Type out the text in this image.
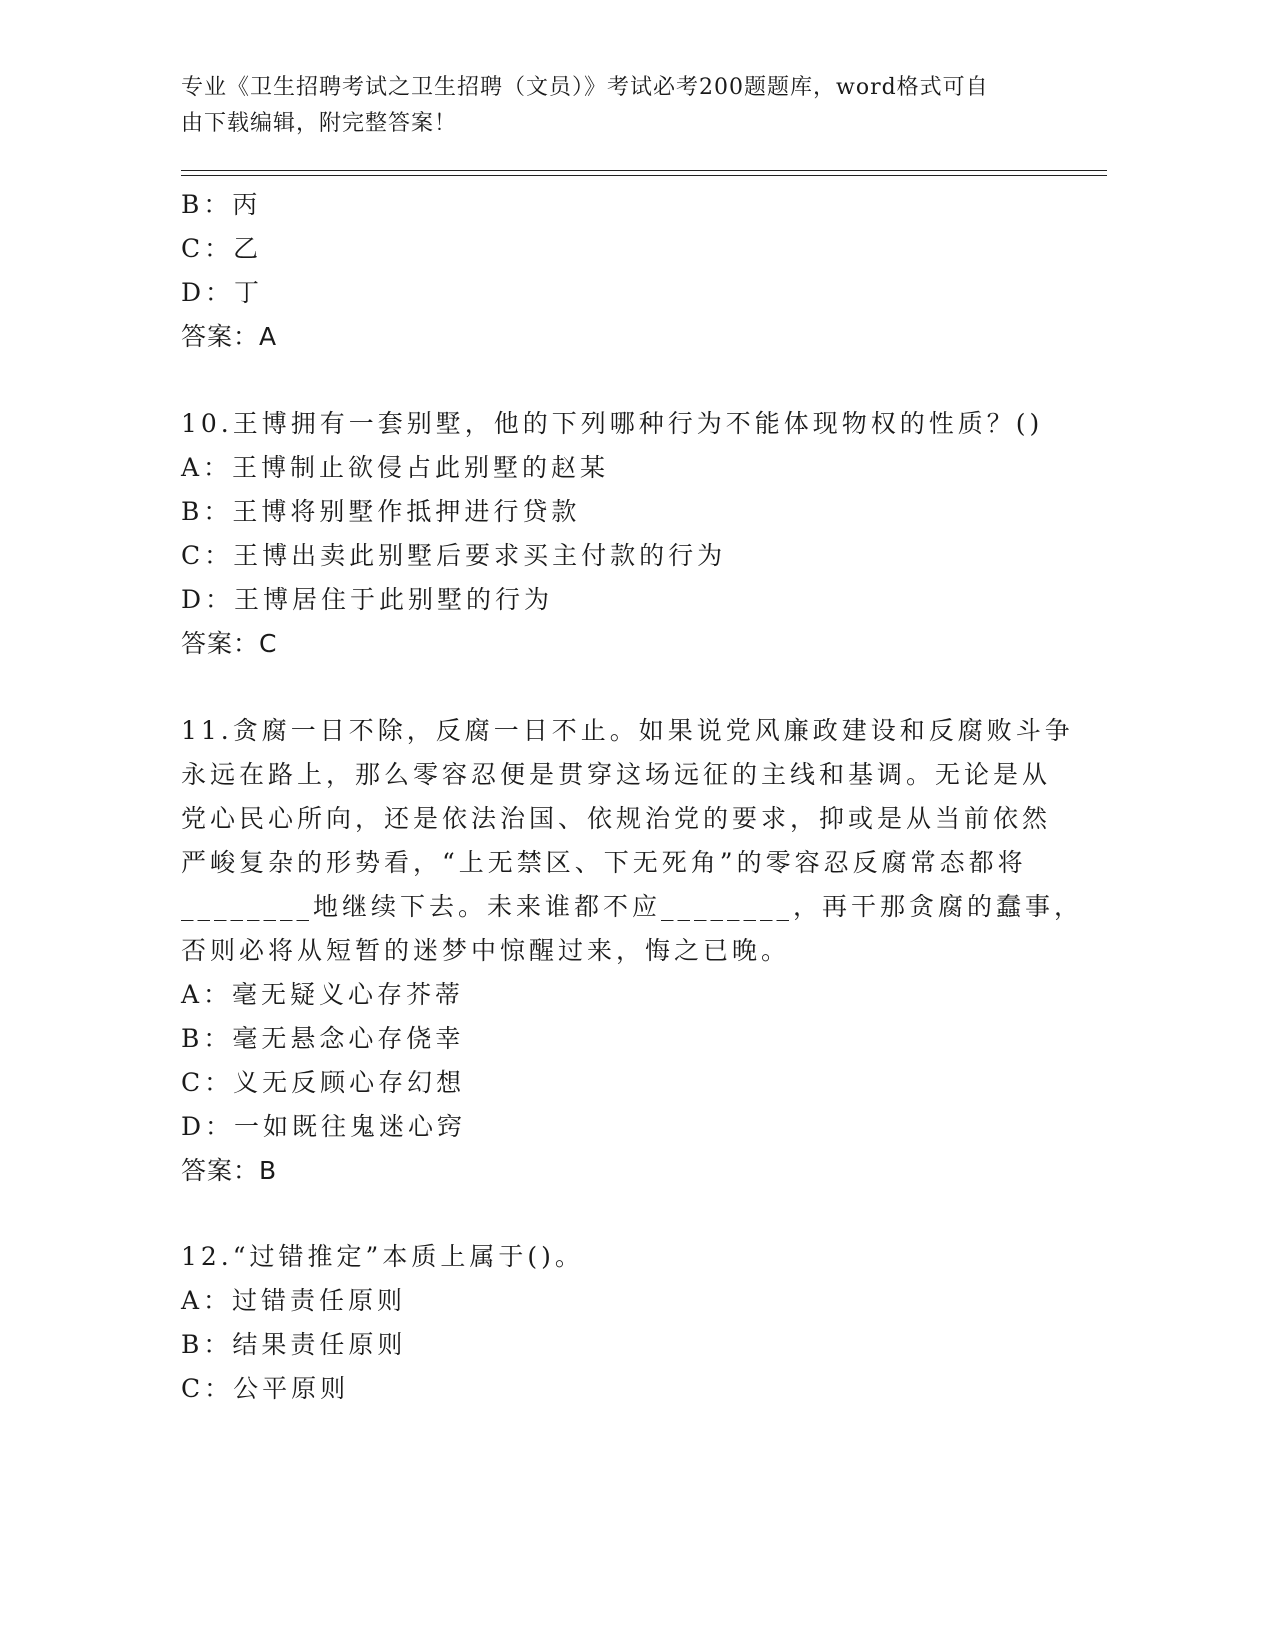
专业《卫生招聘考试之卫生招聘（文员）》考试必考200题题库，word格式可自
由下载编辑，附完整答案！
B：丙
C：乙
D：丁
答案：A
10.王博拥有一套别墅，他的下列哪种行为不能体现物权的性质？()
A：王博制止欲侵占此别墅的赵某
B：王博将别墅作抵押进行贷款
C：王博出卖此别墅后要求买主付款的行为
D：王博居住于此别墅的行为
答案：C
11.贪腐一日不除，反腐一日不止。如果说党风廉政建设和反腐败斗争
永远在路上，那么零容忍便是贯穿这场远征的主线和基调。无论是从
党心民心所向，还是依法治国、依规治党的要求，抑或是从当前依然
严峻复杂的形势看，“上无禁区、下无死角”的零容忍反腐常态都将
________地继续下去。未来谁都不应________，再干那贪腐的蠢事，
否则必将从短暂的迷梦中惊醒过来，悔之已晚。
A：毫无疑义心存芥蒂
B：毫无悬念心存侥幸
C：义无反顾心存幻想
D：一如既往鬼迷心窍
答案：B
12.“过错推定”本质上属于()。
A：过错责任原则
B：结果责任原则
C：公平原则
